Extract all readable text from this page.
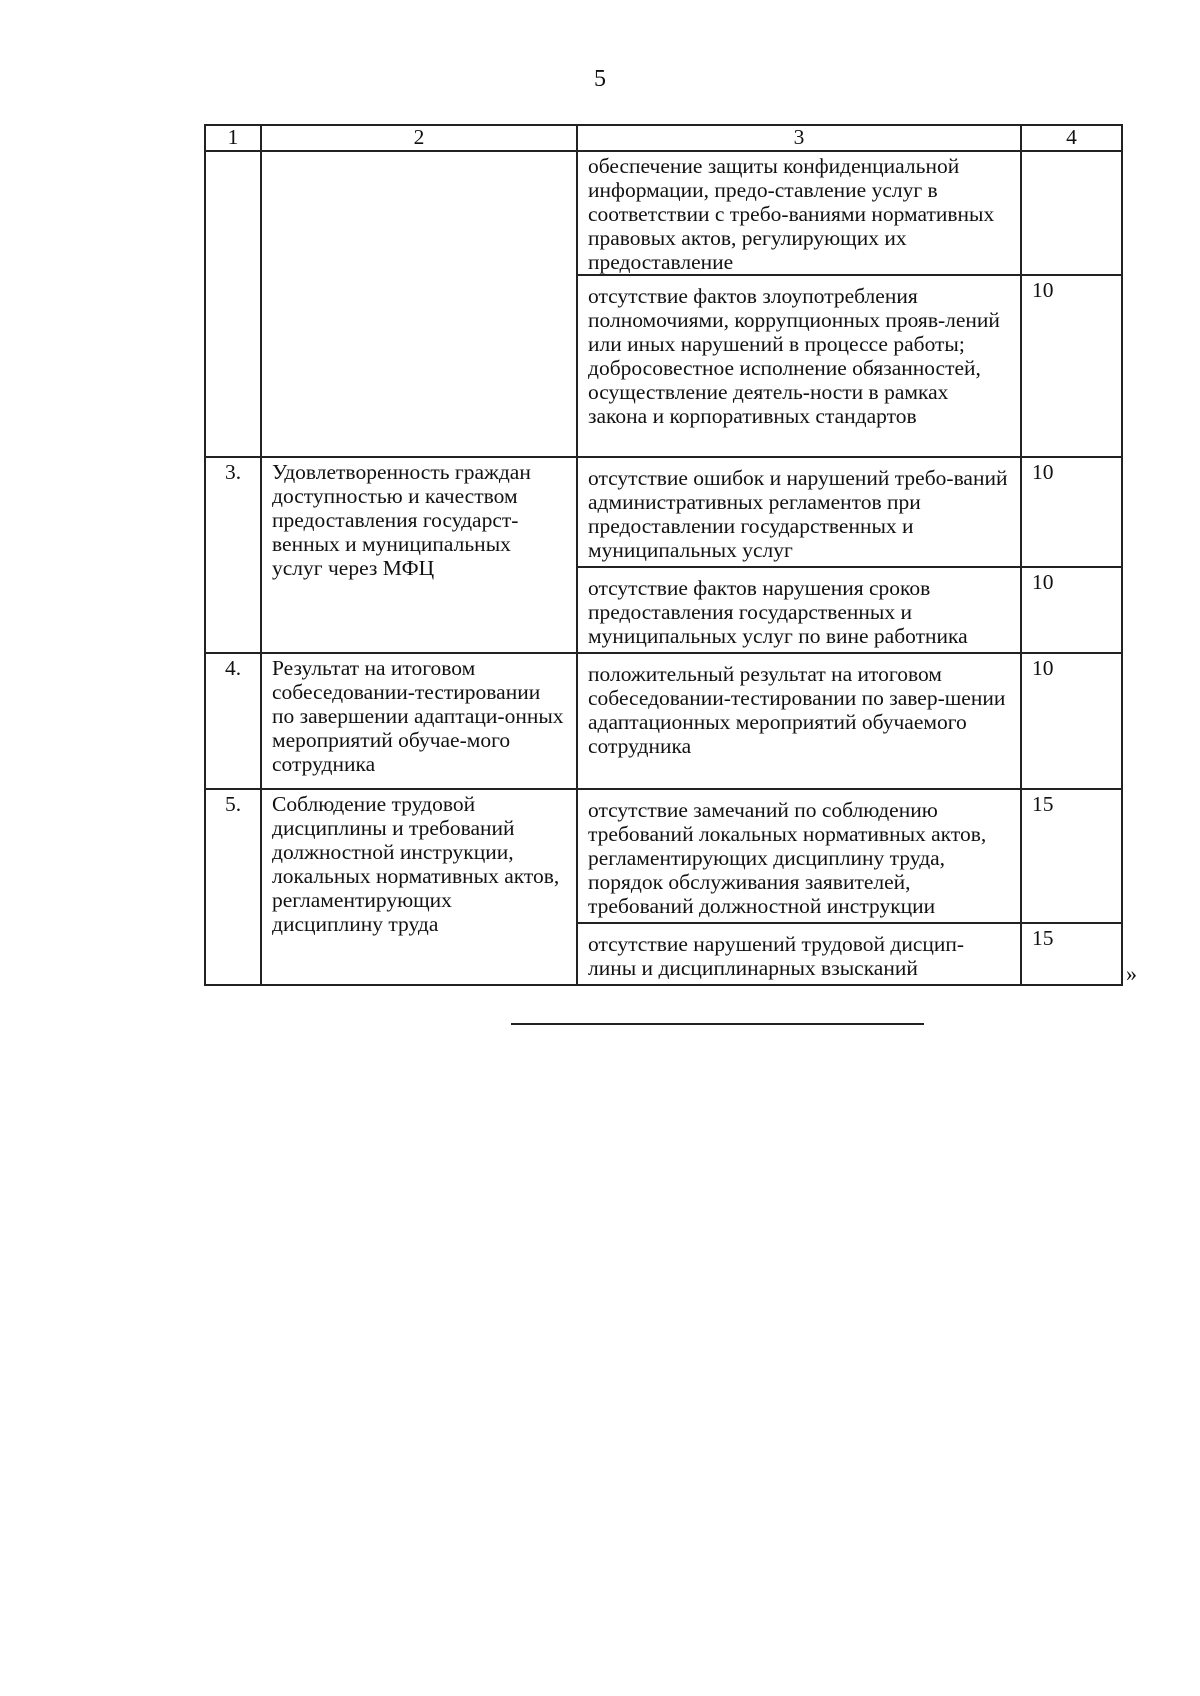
5
1	2	3	4
		обеспечение защиты конфиденциальной информации, предо-ставление услуг в соответствии с требо-ваниями нормативных правовых актов, регулирующих их предоставление	
		отсутствие фактов злоупотребления полномочиями, коррупционных прояв-лений или иных нарушений в процессе работы; добросовестное исполнение обязанностей, осуществление деятель-ности в рамках закона и корпоративных стандартов	10
3.	Удовлетворенность граждан доступностью и качеством предоставления государст-венных и муниципальных услуг через МФЦ	отсутствие ошибок и нарушений требо-ваний административных регламентов при предоставлении государственных и муниципальных услуг	10
		отсутствие фактов нарушения сроков предоставления государственных и муниципальных услуг по вине работника	10
4.	Результат на итоговом собеседовании-тестировании по завершении адаптаци-онных мероприятий обучае-мого сотрудника	положительный результат на итоговом собеседовании-тестировании по завер-шении адаптационных мероприятий обучаемого сотрудника	10
5.	Соблюдение трудовой дисциплины и требований должностной инструкции, локальных нормативных актов, регламентирующих дисциплину труда	отсутствие замечаний по соблюдению требований локальных нормативных актов, регламентирующих дисциплину труда, порядок обслуживания заявителей, требований должностной инструкции	15
		отсутствие нарушений трудовой дисцип-лины и дисциплинарных взысканий	15
»
